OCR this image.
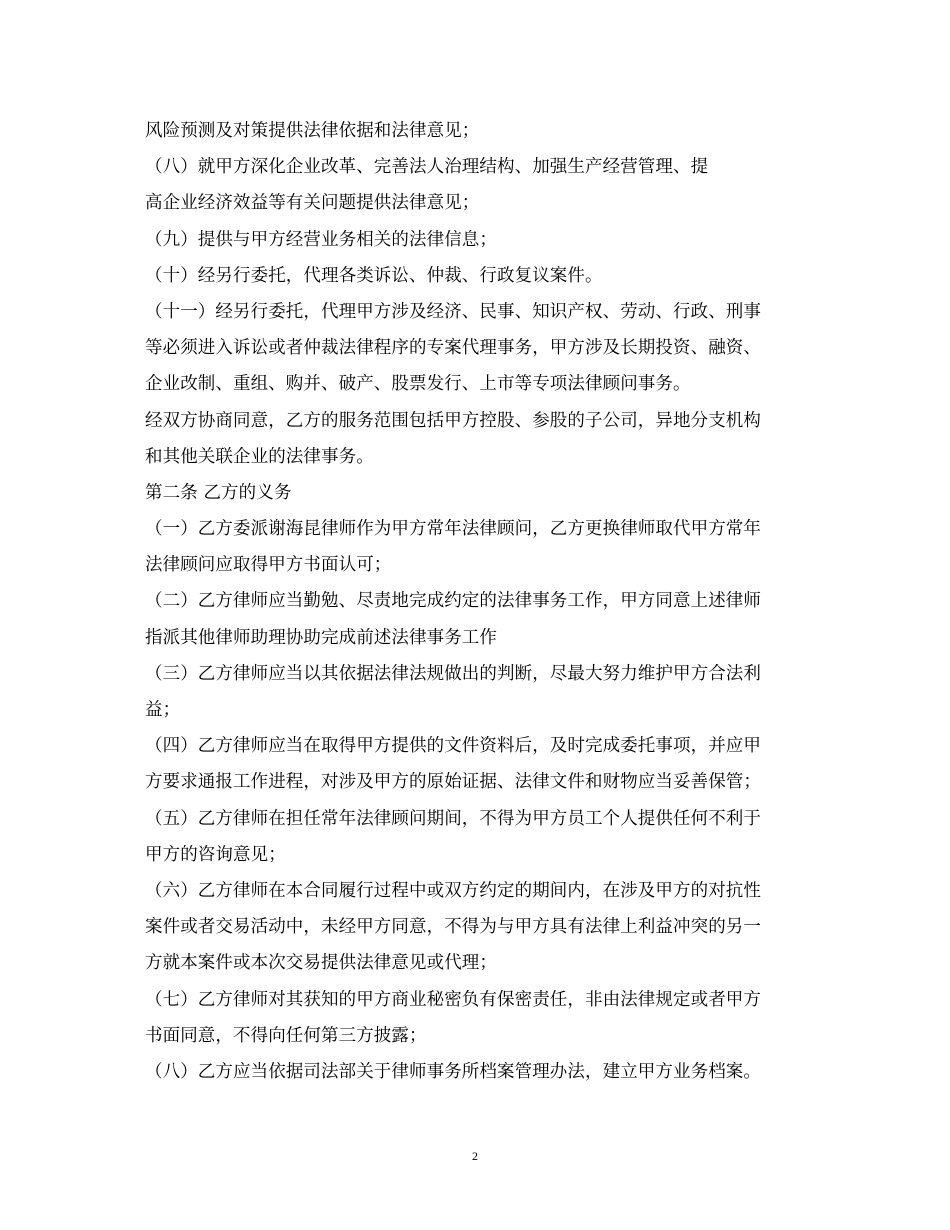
风险预测及对策提供法律依据和法律意见；
（八）就甲方深化企业改革、完善法人治理结构、加强生产经营管理、提
高企业经济效益等有关问题提供法律意见；
（九）提供与甲方经营业务相关的法律信息；
（十）经另行委托，代理各类诉讼、仲裁、行政复议案件。
（十一）经另行委托，代理甲方涉及经济、民事、知识产权、劳动、行政、刑事
等必须进入诉讼或者仲裁法律程序的专案代理事务，甲方涉及长期投资、融资、
企业改制、重组、购并、破产、股票发行、上市等专项法律顾问事务。
经双方协商同意，乙方的服务范围包括甲方控股、参股的子公司，异地分支机构
和其他关联企业的法律事务。
第二条 乙方的义务
（一）乙方委派谢海昆律师作为甲方常年法律顾问，乙方更换律师取代甲方常年
法律顾问应取得甲方书面认可；
（二）乙方律师应当勤勉、尽责地完成约定的法律事务工作，甲方同意上述律师
指派其他律师助理协助完成前述法律事务工作
（三）乙方律师应当以其依据法律法规做出的判断，尽最大努力维护甲方合法利
益；
（四）乙方律师应当在取得甲方提供的文件资料后，及时完成委托事项，并应甲
方要求通报工作进程，对涉及甲方的原始证据、法律文件和财物应当妥善保管；
（五）乙方律师在担任常年法律顾问期间，不得为甲方员工个人提供任何不利于
甲方的咨询意见；
（六）乙方律师在本合同履行过程中或双方约定的期间内，在涉及甲方的对抗性
案件或者交易活动中，未经甲方同意，不得为与甲方具有法律上利益冲突的另一
方就本案件或本次交易提供法律意见或代理；
（七）乙方律师对其获知的甲方商业秘密负有保密责任，非由法律规定或者甲方
书面同意，不得向任何第三方披露；
（八）乙方应当依据司法部关于律师事务所档案管理办法，建立甲方业务档案。
2
